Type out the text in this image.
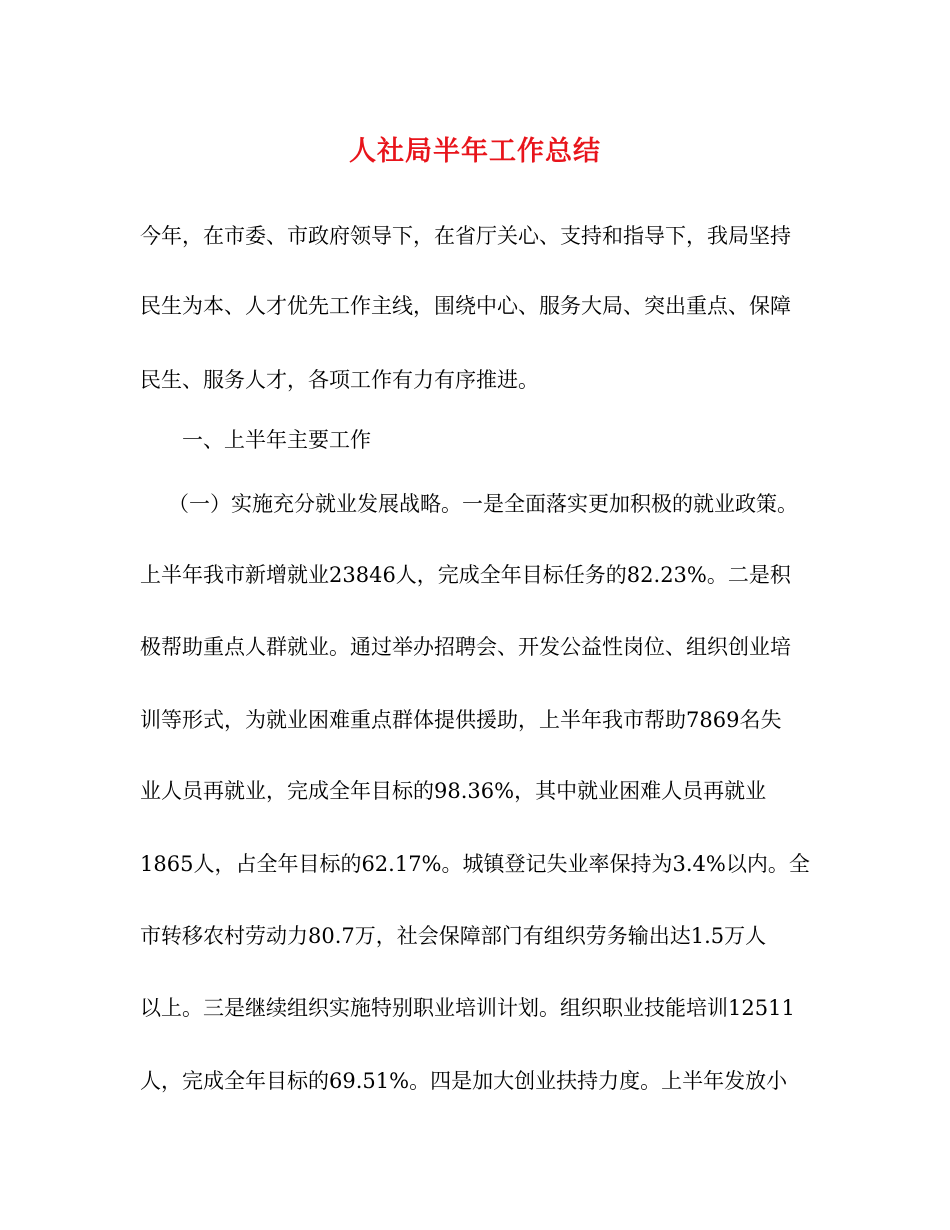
人社局半年工作总结
今年，在市委、市政府领导下，在省厅关心、支持和指导下，我局坚持
民生为本、人才优先工作主线，围绕中心、服务大局、突出重点、保障
民生、服务人才，各项工作有力有序推进。
一、上半年主要工作
（一）实施充分就业发展战略。一是全面落实更加积极的就业政策。
上半年我市新增就业23846人，完成全年目标任务的82.23%。二是积
极帮助重点人群就业。通过举办招聘会、开发公益性岗位、组织创业培
训等形式，为就业困难重点群体提供援助，上半年我市帮助7869名失
业人员再就业，完成全年目标的98.36%，其中就业困难人员再就业
1865人，占全年目标的62.17%。城镇登记失业率保持为3.4%以内。全
市转移农村劳动力80.7万，社会保障部门有组织劳务输出达1.5万人
以上。三是继续组织实施特别职业培训计划。组织职业技能培训12511
人，完成全年目标的69.51%。四是加大创业扶持力度。上半年发放小
